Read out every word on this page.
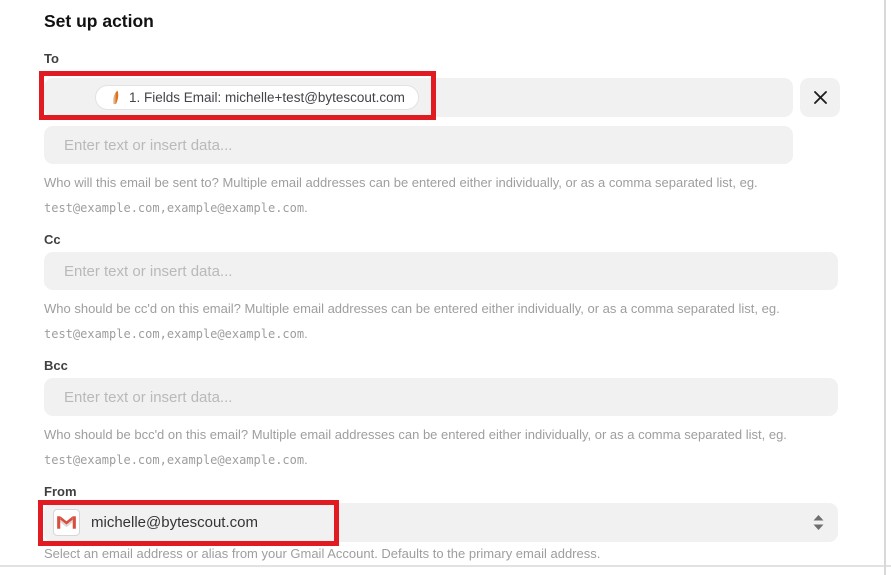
Set up action
To
1. Fields Email: michelle+test@bytescout.com
Enter text or insert data...

Who will this email be sent to? Multiple email addresses can be entered either individually, or as a comma separated list, eg. test@example.com,example@example.com.

Cc
Enter text or insert data...

Who should be cc'd on this email? Multiple email addresses can be entered either individually, or as a comma separated list, eg. test@example.com,example@example.com.

Bcc
Enter text or insert data...

Who should be bcc'd on this email? Multiple email addresses can be entered either individually, or as a comma separated list, eg. test@example.com,example@example.com.

From
michelle@bytescout.com

Select an email address or alias from your Gmail Account. Defaults to the primary email address.
